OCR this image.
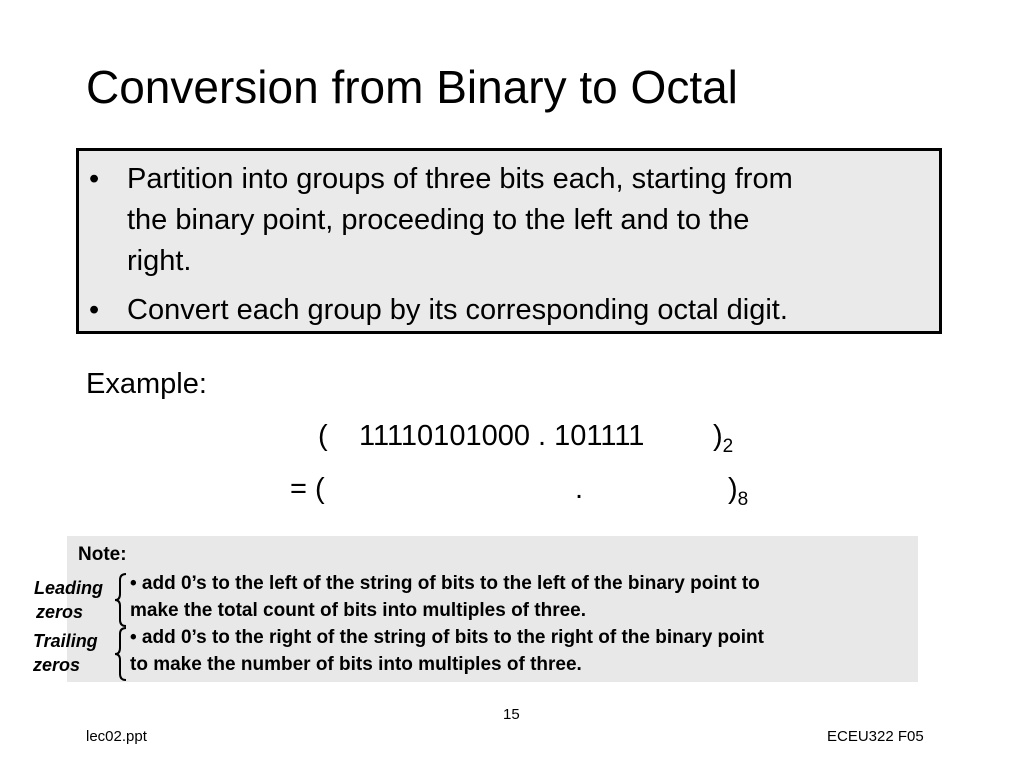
Conversion from Binary to Octal
• Partition into groups of three bits each, starting from
the binary point, proceeding to the left and to the
right.
• Convert each group by its corresponding octal digit.
Example:
( 11110101000 . 101111 )$_2$
= (	.	)$_8$
Note:
Leading
zeros
Trailing
zeros
• add 0’s to the left of the string of bits to the left of the binary point to
make the total count of bits into multiples of three.
• add 0’s to the right of the string of bits to the right of the binary point
to make the number of bits into multiples of three.
15
lec02.ppt	ECEU322 F05
